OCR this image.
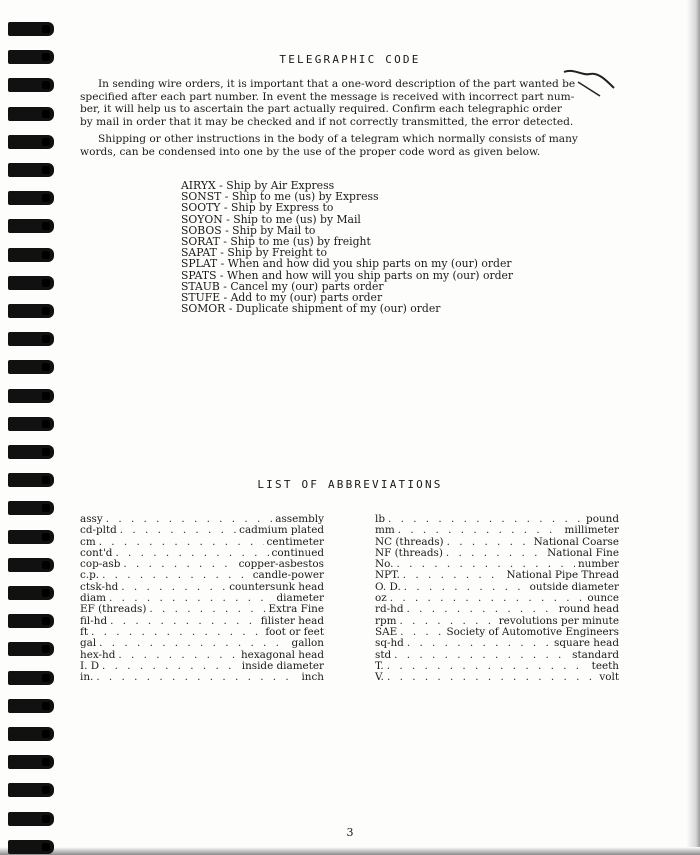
TELEGRAPHIC CODE
In sending wire orders, it is important that a one-word description of the part wanted be
specified after each part number. In event the message is received with incorrect part num-
ber, it will help us to ascertain the part actually required. Confirm each telegraphic order
by mail in order that it may be checked and if not correctly transmitted, the error detected.
Shipping or other instructions in the body of a telegram which normally consists of many
words, can be condensed into one by the use of the proper code word as given below.
AIRYX - Ship by Air Express
SONST - Ship to me (us) by Express
SOOTY - Ship by Express to
SOYON - Ship to me (us) by Mail
SOBOS - Ship by Mail to
SORAT - Ship to me (us) by freight
SAPAT - Ship by Freight to
SPLAT - When and how did you ship parts on my (our) order
SPATS - When and how will you ship parts on my (our) order
STAUB - Cancel my (our) parts order
STUFE - Add to my (our) parts order
SOMOR - Duplicate shipment of my (our) order
LIST OF ABBREVIATIONS
assy . . .	assembly
cd-pltd . . .	cadmium plated
cm . . .	centimeter
cont'd . . .	continued
cop-asb . . .	copper-asbestos
c.p. . . .	candle-power
ctsk-hd . . .	countersunk head
diam . . .	diameter
EF (threads) . . .	Extra Fine
fil-hd . . .	filister head
ft . . .	foot or feet
gal . . .	gallon
hex-hd . . .	hexagonal head
I. D . . .	inside diameter
in. . . .	inch
lb . . .	pound
mm . . .	millimeter
NC (threads) . . .	National Coarse
NF (threads) . . .	National Fine
No. . . .	number
NPT. . . .	National Pipe Thread
O. D. . . .	outside diameter
oz . . .	ounce
rd-hd . . .	round head
rpm . . .	revolutions per minute
SAE . . .	Society of Automotive Engineers
sq-hd . . .	square head
std . . .	standard
T. . . .	teeth
V. . . .	volt
3
